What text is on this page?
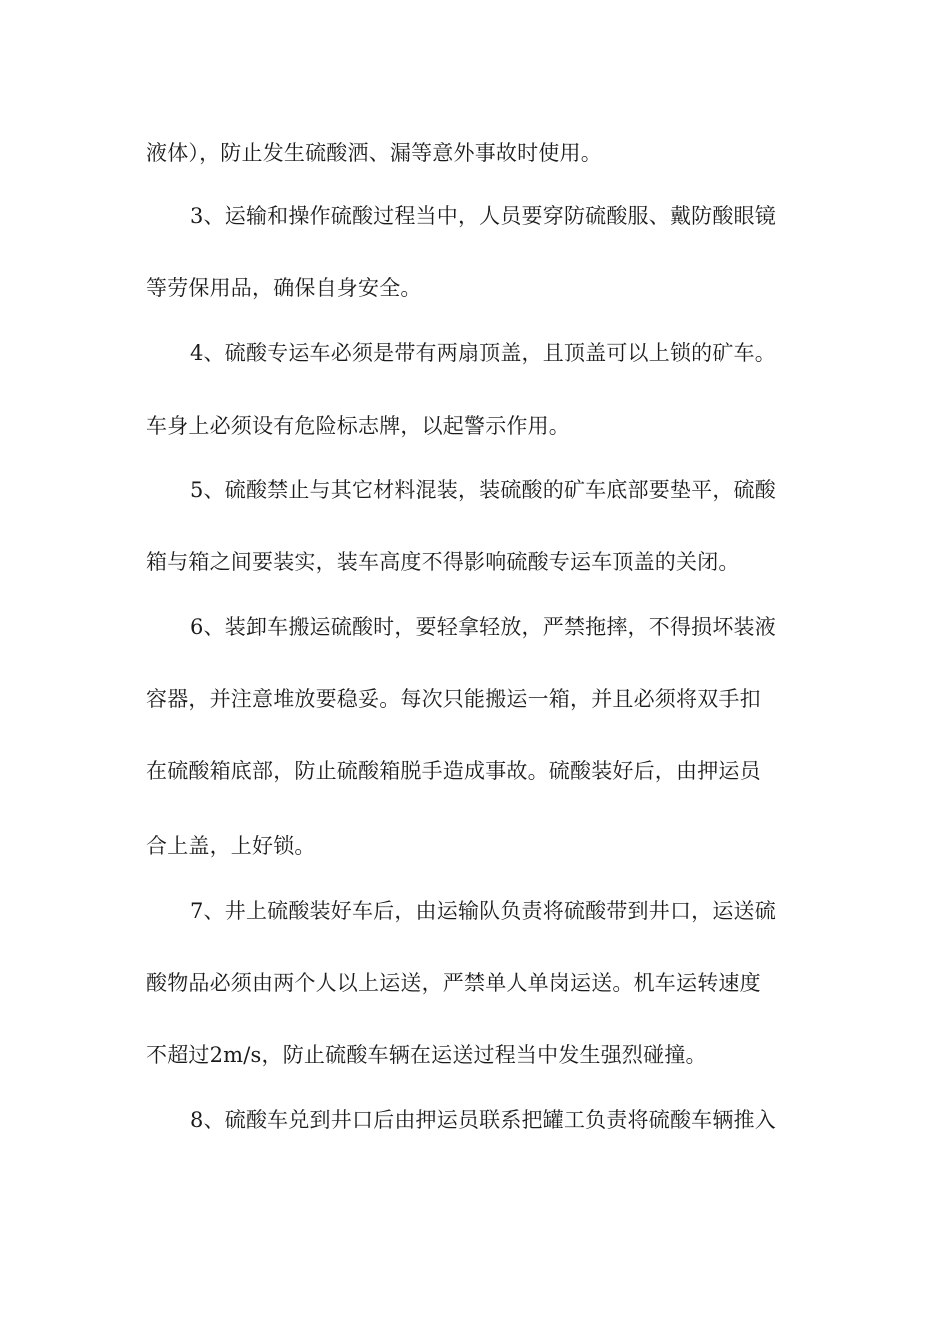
液体），防止发生硫酸洒、漏等意外事故时使用。
3、运输和操作硫酸过程当中，人员要穿防硫酸服、戴防酸眼镜
等劳保用品，确保自身安全。
4、硫酸专运车必须是带有两扇顶盖，且顶盖可以上锁的矿车。
车身上必须设有危险标志牌，以起警示作用。
5、硫酸禁止与其它材料混装，装硫酸的矿车底部要垫平，硫酸
箱与箱之间要装实，装车高度不得影响硫酸专运车顶盖的关闭。
6、装卸车搬运硫酸时，要轻拿轻放，严禁拖摔，不得损坏装液
容器，并注意堆放要稳妥。每次只能搬运一箱，并且必须将双手扣
在硫酸箱底部，防止硫酸箱脱手造成事故。硫酸装好后，由押运员
合上盖，上好锁。
7、井上硫酸装好车后，由运输队负责将硫酸带到井口，运送硫
酸物品必须由两个人以上运送，严禁单人单岗运送。机车运转速度
不超过2m/s，防止硫酸车辆在运送过程当中发生强烈碰撞。
8、硫酸车兑到井口后由押运员联系把罐工负责将硫酸车辆推入
